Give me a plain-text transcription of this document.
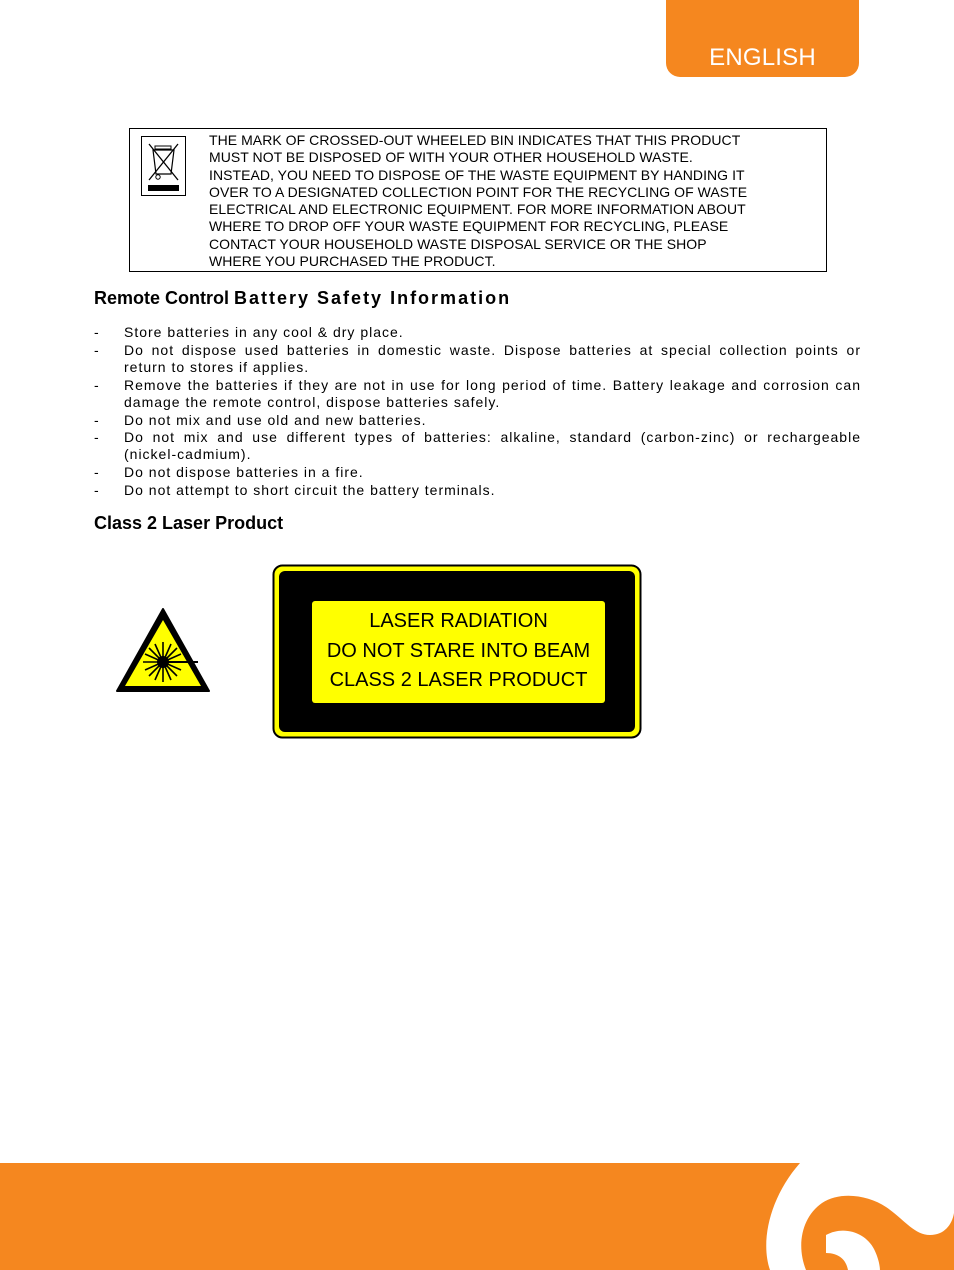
ENGLISH
THE MARK OF CROSSED-OUT WHEELED BIN INDICATES THAT THIS PRODUCT
MUST NOT BE DISPOSED OF WITH YOUR OTHER HOUSEHOLD WASTE.
INSTEAD, YOU NEED TO DISPOSE OF THE WASTE EQUIPMENT BY HANDING IT
OVER TO A DESIGNATED COLLECTION POINT FOR THE RECYCLING OF WASTE
ELECTRICAL AND ELECTRONIC EQUIPMENT. FOR MORE INFORMATION ABOUT
WHERE TO DROP OFF YOUR WASTE EQUIPMENT FOR RECYCLING, PLEASE
CONTACT YOUR HOUSEHOLD WASTE DISPOSAL SERVICE OR THE SHOP
WHERE YOU PURCHASED THE PRODUCT.
Remote Control Battery Safety Information
- Store batteries in any cool & dry place.
- Do not dispose used batteries in domestic waste. Dispose batteries at special collection points or return to stores if applies.
- Remove the batteries if they are not in use for long period of time. Battery leakage and corrosion can damage the remote control, dispose batteries safely.
- Do not mix and use old and new batteries.
- Do not mix and use different types of batteries: alkaline, standard (carbon-zinc) or rechargeable (nickel-cadmium).
- Do not dispose batteries in a fire.
- Do not attempt to short circuit the battery terminals.
Class 2 Laser Product
LASER RADIATION
DO NOT STARE INTO BEAM
CLASS 2 LASER PRODUCT
